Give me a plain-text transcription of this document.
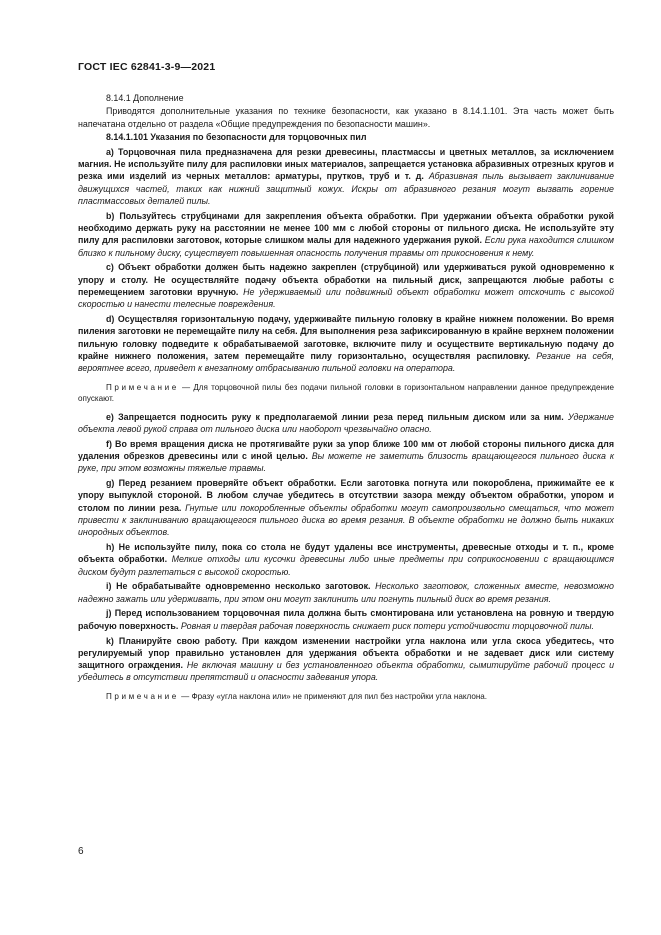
ГОСТ IEC 62841-3-9—2021

8.14.1 Дополнение

Приводятся дополнительные указания по технике безопасности, как указано в 8.14.1.101. Эта часть может быть напечатана отдельно от раздела «Общие предупреждения по безопасности машин».

8.14.1.101 Указания по безопасности для торцовочных пил

а) Торцовочная пила предназначена для резки древесины, пластмассы и цветных металлов, за исключением магния. Не используйте пилу для распиловки иных материалов, запрещается установка абразивных отрезных кругов и резка ими изделий из черных металлов: арматуры, прутков, труб и т. д. Абразивная пыль вызывает заклинивание движущихся частей, таких как нижний защитный кожух. Искры от абразивного резания могут вызвать горение пластмассовых деталей пилы.

b) Пользуйтесь струбцинами для закрепления объекта обработки. При удержании объекта обработки рукой необходимо держать руку на расстоянии не менее 100 мм с любой стороны от пильного диска. Не используйте эту пилу для распиловки заготовок, которые слишком малы для надежного удержания рукой. Если рука находится слишком близко к пильному диску, существует повышенная опасность получения травмы от прикосновения к нему.

с) Объект обработки должен быть надежно закреплен (струбциной) или удерживаться рукой одновременно к упору и столу. Не осуществляйте подачу объекта обработки на пильный диск, запрещаются любые работы с перемещением заготовки вручную. Не удерживаемый или подвижный объект обработки может отскочить с высокой скоростью и нанести телесные повреждения.

d) Осуществляя горизонтальную подачу, удерживайте пильную головку в крайне нижнем положении. Во время пиления заготовки не перемещайте пилу на себя. Для выполнения реза зафиксированную в крайне верхнем положении пильную головку подведите к обрабатываемой заготовке, включите пилу и осуществите вертикальную подачу до крайне нижнего положения, затем перемещайте пилу горизонтально, осуществляя распиловку. Резание на себя, вероятнее всего, приведет к внезапному отбрасыванию пильной головки на оператора.

Примечание — Для торцовочной пилы без подачи пильной головки в горизонтальном направлении данное предупреждение опускают.

е) Запрещается подносить руку к предполагаемой линии реза перед пильным диском или за ним. Удержание объекта левой рукой справа от пильного диска или наоборот чрезвычайно опасно.

f) Во время вращения диска не протягивайте руки за упор ближе 100 мм от любой стороны пильного диска для удаления обрезков древесины или с иной целью. Вы можете не заметить близость вращающегося пильного диска к руке, при этом возможны тяжелые травмы.

g) Перед резанием проверяйте объект обработки. Если заготовка погнута или покороблена, прижимайте ее к упору выпуклой стороной. В любом случае убедитесь в отсутствии зазора между объектом обработки, упором и столом по линии реза. Гнутые или покоробленные объекты обработки могут самопроизвольно смещаться, что может привести к заклиниванию вращающегося пильного диска во время резания. В объекте обработки не должно быть никаких инородных объектов.

h) Не используйте пилу, пока со стола не будут удалены все инструменты, древесные отходы и т. п., кроме объекта обработки. Мелкие отходы или кусочки древесины либо иные предметы при соприкосновении с вращающимся диском будут разлетаться с высокой скоростью.

i) Не обрабатывайте одновременно несколько заготовок. Несколько заготовок, сложенных вместе, невозможно надежно зажать или удерживать, при этом они могут заклинить или погнуть пильный диск во время резания.

j) Перед использованием торцовочная пила должна быть смонтирована или установлена на ровную и твердую рабочую поверхность. Ровная и твердая рабочая поверхность снижает риск потери устойчивости торцовочной пилы.

k) Планируйте свою работу. При каждом изменении настройки угла наклона или угла скоса убедитесь, что регулируемый упор правильно установлен для удержания объекта обработки и не задевает диск или систему защитного ограждения. Не включая машину и без установленного объекта обработки, сымитируйте рабочий процесс и убедитесь в отсутствии препятствий и опасности задевания упора.

Примечание — Фразу «угла наклона или» не применяют для пил без настройки угла наклона.

6
